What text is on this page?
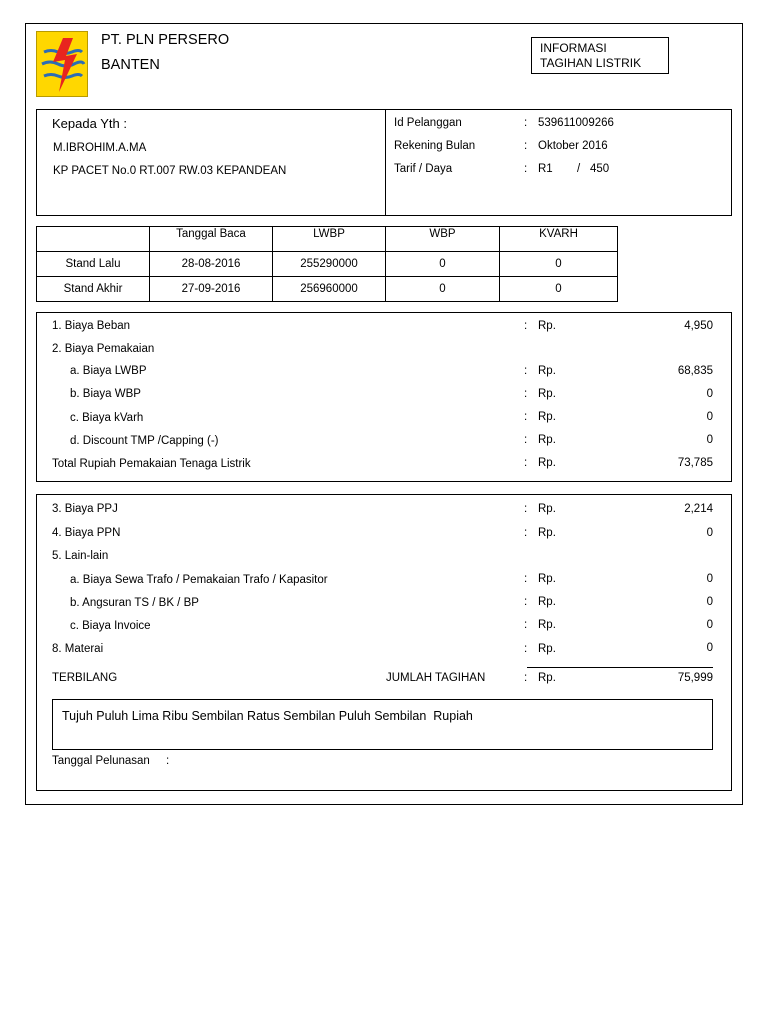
PT. PLN PERSERO
BANTEN
INFORMASI
TAGIHAN LISTRIK
Kepada Yth :
M.IBROHIM.A.MA
KP PACET No.0 RT.007 RW.03 KEPANDEAN
Id Pelanggan	: 539611009266
Rekening Bulan	: Oktober 2016
Tarif / Daya	: R1 / 450
	Tanggal Baca	LWBP	WBP	KVARH
Stand Lalu	28-08-2016	255290000	0	0
Stand Akhir	27-09-2016	256960000	0	0
1. Biaya Beban	: Rp.	4,950
2. Biaya Pemakaian
a. Biaya LWBP	: Rp.	68,835
b. Biaya WBP	: Rp.	0
c. Biaya kVarh	: Rp.	0
d. Discount TMP /Capping (-)	: Rp.	0
Total Rupiah Pemakaian Tenaga Listrik	: Rp.	73,785
3. Biaya PPJ	: Rp.	2,214
4. Biaya PPN	: Rp.	0
5. Lain-lain
a. Biaya Sewa Trafo / Pemakaian Trafo / Kapasitor	: Rp.	0
b. Angsuran TS / BK / BP	: Rp.	0
c. Biaya Invoice	: Rp.	0
8. Materai	: Rp.	0
TERBILANG	JUMLAH TAGIHAN	: Rp.	75,999
Tujuh Puluh Lima Ribu Sembilan Ratus Sembilan Puluh Sembilan  Rupiah
Tanggal Pelunasan :
